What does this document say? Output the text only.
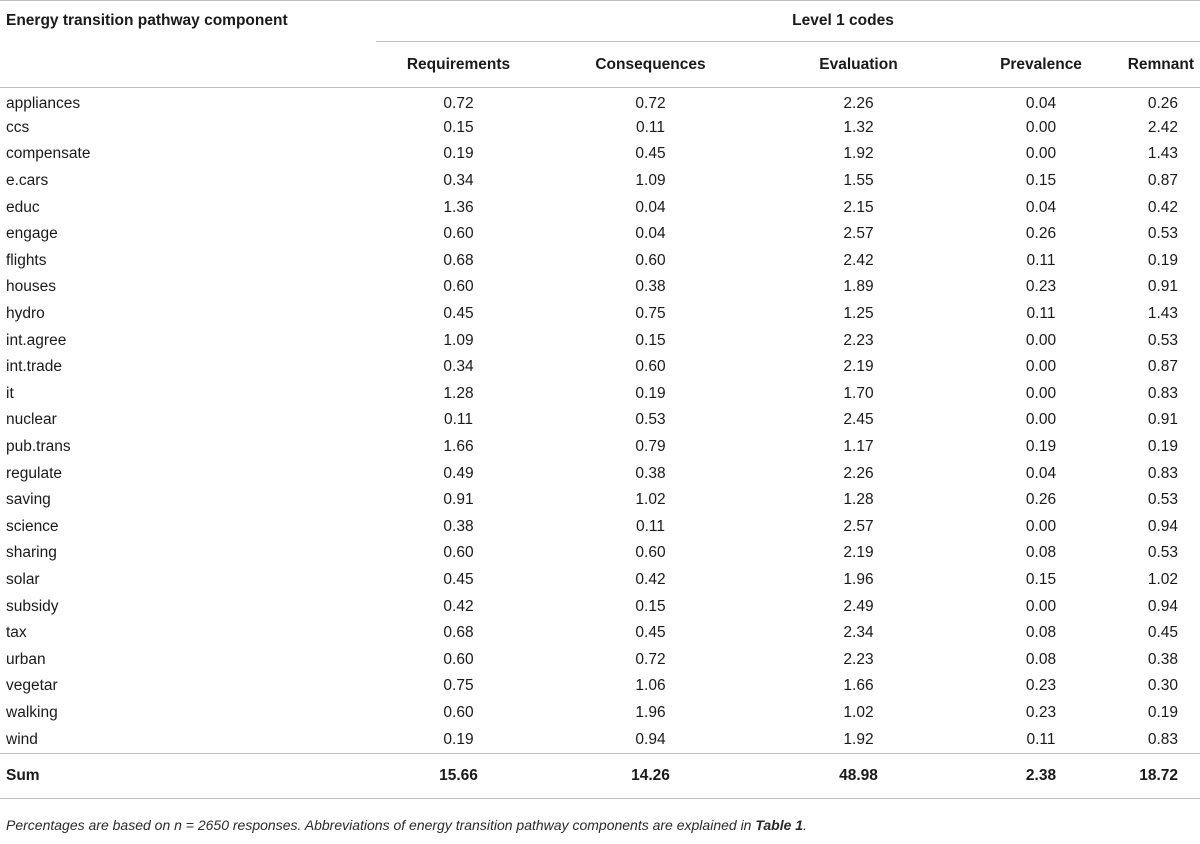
Energy transition pathway component	Level 1 codes				
	Requirements	Consequences	Evaluation	Prevalence	Remnant
appliances	0.72	0.72	2.26	0.04	0.26
ccs	0.15	0.11	1.32	0.00	2.42
compensate	0.19	0.45	1.92	0.00	1.43
e.cars	0.34	1.09	1.55	0.15	0.87
educ	1.36	0.04	2.15	0.04	0.42
engage	0.60	0.04	2.57	0.26	0.53
flights	0.68	0.60	2.42	0.11	0.19
houses	0.60	0.38	1.89	0.23	0.91
hydro	0.45	0.75	1.25	0.11	1.43
int.agree	1.09	0.15	2.23	0.00	0.53
int.trade	0.34	0.60	2.19	0.00	0.87
it	1.28	0.19	1.70	0.00	0.83
nuclear	0.11	0.53	2.45	0.00	0.91
pub.trans	1.66	0.79	1.17	0.19	0.19
regulate	0.49	0.38	2.26	0.04	0.83
saving	0.91	1.02	1.28	0.26	0.53
science	0.38	0.11	2.57	0.00	0.94
sharing	0.60	0.60	2.19	0.08	0.53
solar	0.45	0.42	1.96	0.15	1.02
subsidy	0.42	0.15	2.49	0.00	0.94
tax	0.68	0.45	2.34	0.08	0.45
urban	0.60	0.72	2.23	0.08	0.38
vegetar	0.75	1.06	1.66	0.23	0.30
walking	0.60	1.96	1.02	0.23	0.19
wind	0.19	0.94	1.92	0.11	0.83
Sum	15.66	14.26	48.98	2.38	18.72
Percentages are based on n = 2650 responses. Abbreviations of energy transition pathway components are explained in Table 1.
